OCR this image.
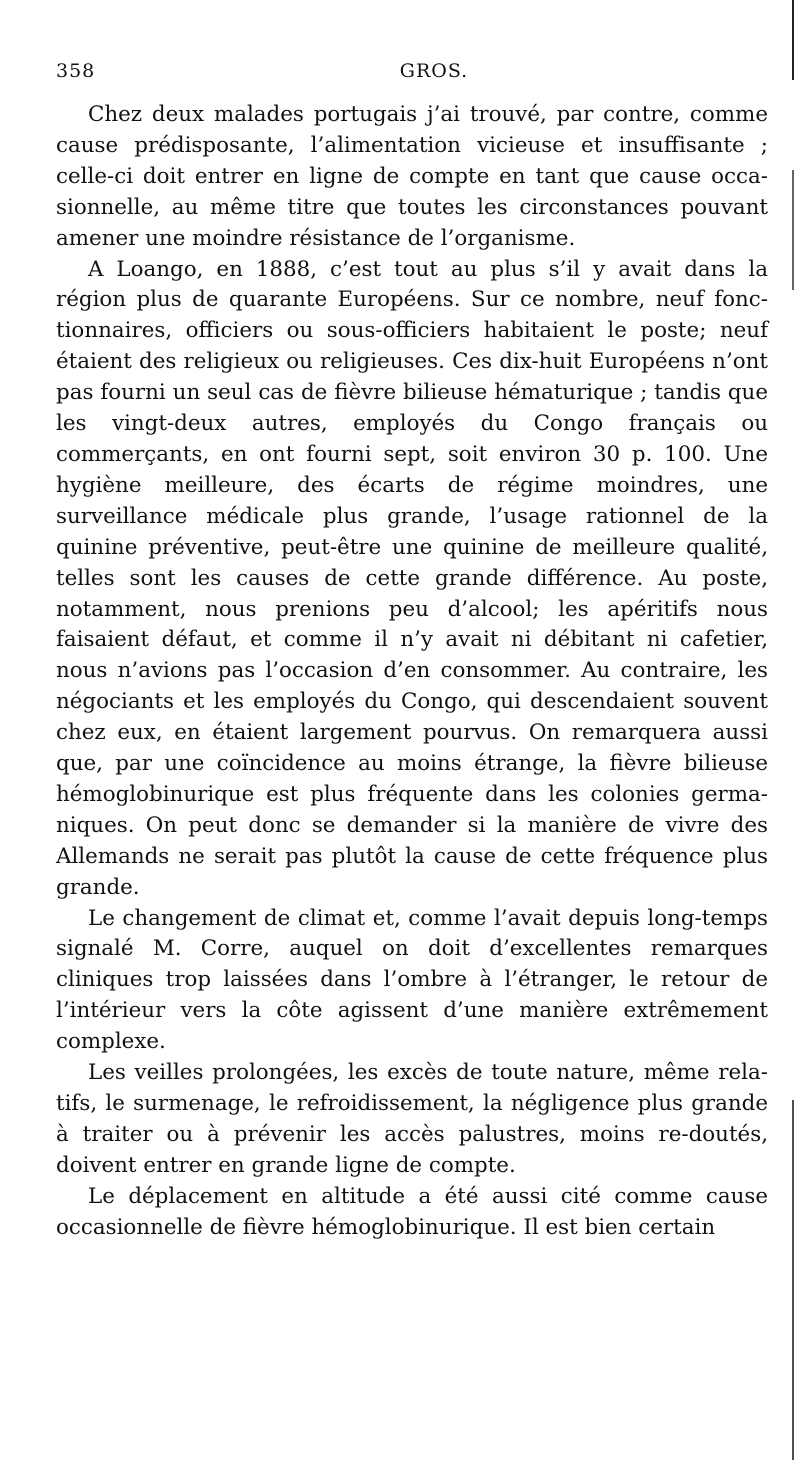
358	GROS.

Chez deux malades portugais j’ai trouvé, par contre, comme cause prédisposante, l’alimentation vicieuse et insuffisante ; celle-ci doit entrer en ligne de compte en tant que cause occa-sionnelle, au même titre que toutes les circonstances pouvant amener une moindre résistance de l’organisme.

A Loango, en 1888, c’est tout au plus s’il y avait dans la région plus de quarante Européens. Sur ce nombre, neuf fonc-tionnaires, officiers ou sous-officiers habitaient le poste; neuf étaient des religieux ou religieuses. Ces dix-huit Européens n’ont pas fourni un seul cas de fièvre bilieuse hématurique ; tandis que les vingt-deux autres, employés du Congo français ou commerçants, en ont fourni sept, soit environ 30 p. 100. Une hygiène meilleure, des écarts de régime moindres, une surveillance médicale plus grande, l’usage rationnel de la quinine préventive, peut-être une quinine de meilleure qualité, telles sont les causes de cette grande différence. Au poste, notamment, nous prenions peu d’alcool; les apéritifs nous faisaient défaut, et comme il n’y avait ni débitant ni cafetier, nous n’avions pas l’occasion d’en consommer. Au contraire, les négociants et les employés du Congo, qui descendaient souvent chez eux, en étaient largement pourvus. On remarquera aussi que, par une coïncidence au moins étrange, la fièvre bilieuse hémoglobinurique est plus fréquente dans les colonies germa-niques. On peut donc se demander si la manière de vivre des Allemands ne serait pas plutôt la cause de cette fréquence plus grande.

Le changement de climat et, comme l’avait depuis long-temps signalé M. Corre, auquel on doit d’excellentes remarques cliniques trop laissées dans l’ombre à l’étranger, le retour de l’intérieur vers la côte agissent d’une manière extrêmement complexe.

Les veilles prolongées, les excès de toute nature, même rela-tifs, le surmenage, le refroidissement, la négligence plus grande à traiter ou à prévenir les accès palustres, moins re-doutés, doivent entrer en grande ligne de compte.

Le déplacement en altitude a été aussi cité comme cause occasionnelle de fièvre hémoglobinurique. Il est bien certain
